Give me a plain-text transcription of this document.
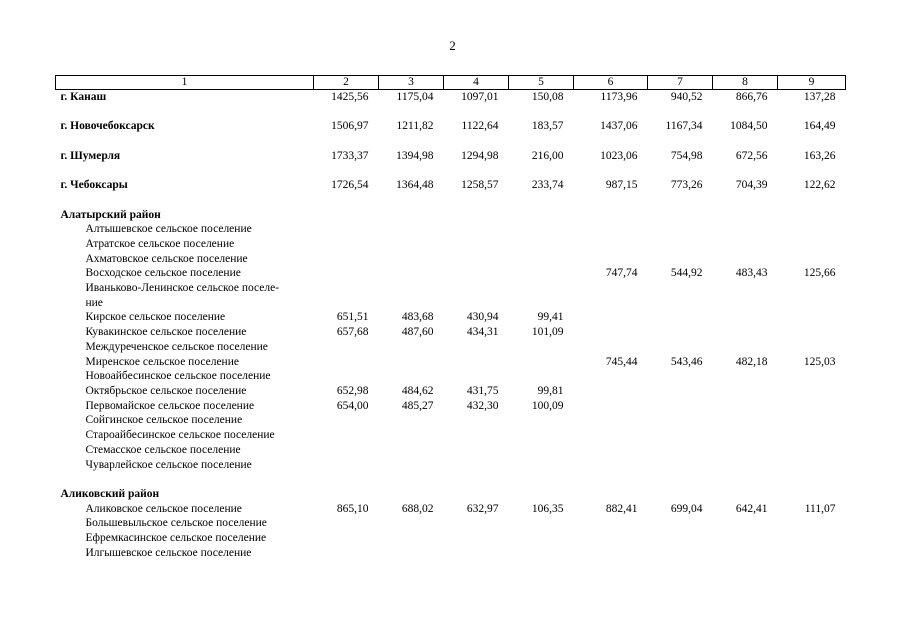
2
1	2	3	4	5	6	7	8	9
г. Канаш	1425,56	1175,04	1097,01	150,08	1173,96	940,52	866,76	137,28

г. Новочебоксарск	1506,97	1211,82	1122,64	183,57	1437,06	1167,34	1084,50	164,49

г. Шумерля	1733,37	1394,98	1294,98	216,00	1023,06	754,98	672,56	163,26

г. Чебоксары	1726,54	1364,48	1258,57	233,74	987,15	773,26	704,39	122,62

Алатырский район								
Алтышевское сельское поселение								
Атратское сельское поселение								
Ахматовское сельское поселение								
Восходское сельское поселение					747,74	544,92	483,43	125,66
Иваньково-Ленинское сельское поселе-								
ние								
Кирское сельское поселение	651,51	483,68	430,94	99,41				
Кувакинское сельское поселение	657,68	487,60	434,31	101,09				
Междуреченское сельское поселение								
Миренское сельское поселение					745,44	543,46	482,18	125,03
Новоайбесинское сельское поселение								
Октябрьское сельское поселение	652,98	484,62	431,75	99,81				
Первомайское сельское поселение	654,00	485,27	432,30	100,09				
Сойгинское сельское поселение								
Староайбесинское сельское поселение								
Стемасское сельское поселение								
Чуварлейское сельское поселение								

Аликовский район								
Аликовское сельское поселение	865,10	688,02	632,97	106,35	882,41	699,04	642,41	111,07
Большевыльское сельское поселение								
Ефремкасинское сельское поселение								
Илгышевское сельское поселение								
